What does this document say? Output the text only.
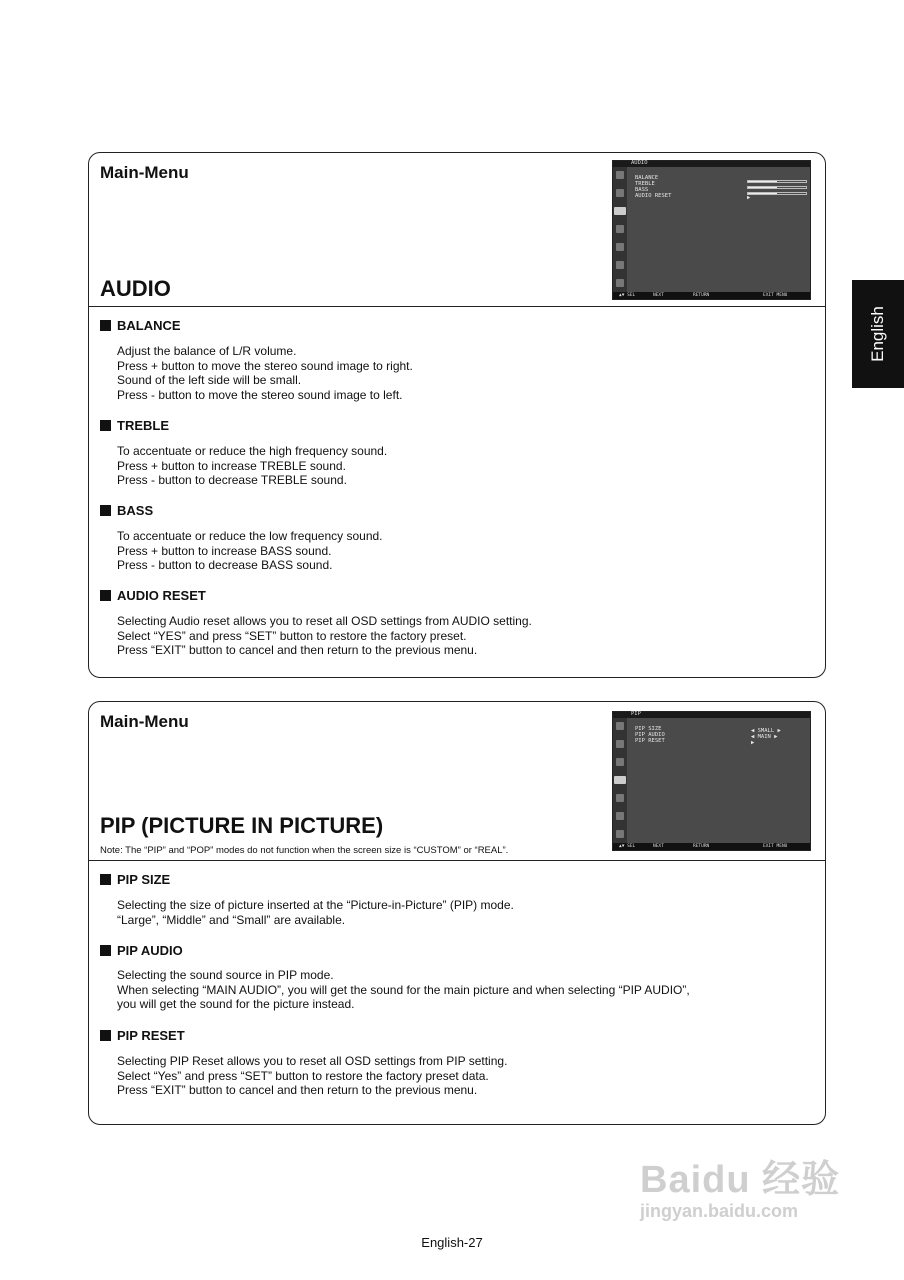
English
Main-Menu
AUDIO
AUDIO
BALANCE
TREBLE
BASS
AUDIO RESET	▶
▲▼ SEL	NEXT	RETURN	EXIT MENU
BALANCE
Adjust the balance of L/R volume.
Press + button to move the stereo sound image to right.
Sound of the left side will be small.
Press - button to move the stereo sound image to left.
TREBLE
To accentuate or reduce the high frequency sound.
Press + button to increase TREBLE sound.
Press - button to decrease TREBLE sound.
BASS
To accentuate or reduce the low frequency sound.
Press + button to increase BASS sound.
Press - button to decrease BASS sound.
AUDIO RESET
Selecting Audio reset allows you to reset all OSD settings from AUDIO setting.
Select “YES” and press “SET” button to restore the factory preset.
Press “EXIT” button to cancel and then return to the previous menu.
Main-Menu
PIP (PICTURE IN PICTURE)
Note: The “PIP” and “POP” modes do not function when the screen size is “CUSTOM” or “REAL”.
PIP
PIP SIZE
PIP AUDIO
PIP RESET
◀ SMALL ▶
◀ MAIN ▶
▶
▲▼ SEL	NEXT	RETURN	EXIT MENU
PIP SIZE
Selecting the size of picture inserted at the “Picture-in-Picture” (PIP) mode.
“Large”, “Middle” and “Small” are available.
PIP AUDIO
Selecting the sound source in PIP mode.
When selecting “MAIN AUDIO”, you will get the sound for the main picture and when selecting “PIP AUDIO”,
you will get the sound for the picture instead.
PIP RESET
Selecting PIP Reset allows you to reset all OSD settings from PIP setting.
Select “Yes” and press “SET” button to restore the factory preset data.
Press “EXIT” button to cancel and then return to the previous menu.
Baidu 经验
jingyan.baidu.com
English-27
